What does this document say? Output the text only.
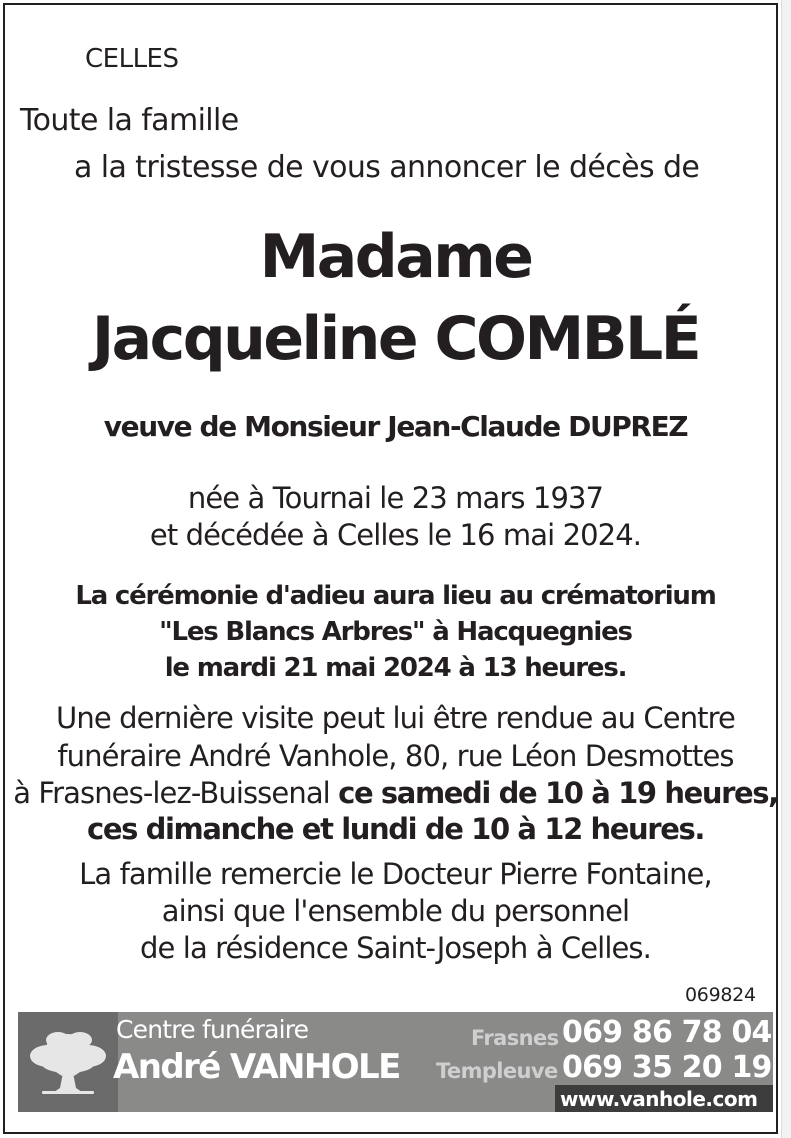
CELLES
Toute la famille
a la tristesse de vous annoncer le décès de
Madame
Jacqueline COMBLÉ
veuve de Monsieur Jean-Claude DUPREZ
née à Tournai le 23 mars 1937
et décédée à Celles le 16 mai 2024.
La cérémonie d'adieu aura lieu au crématorium
"Les Blancs Arbres" à Hacquegnies
le mardi 21 mai 2024 à 13 heures.
Une dernière visite peut lui être rendue au Centre
funéraire André Vanhole, 80, rue Léon Desmottes
à Frasnes-lez-Buissenal ce samedi de 10 à 19 heures,
ces dimanche et lundi de 10 à 12 heures.
La famille remercie le Docteur Pierre Fontaine,
ainsi que l'ensemble du personnel
de la résidence Saint-Joseph à Celles.
069824
Centre funéraire
André VANHOLE
Frasnes 069 86 78 04
Templeuve 069 35 20 19
www.vanhole.com
